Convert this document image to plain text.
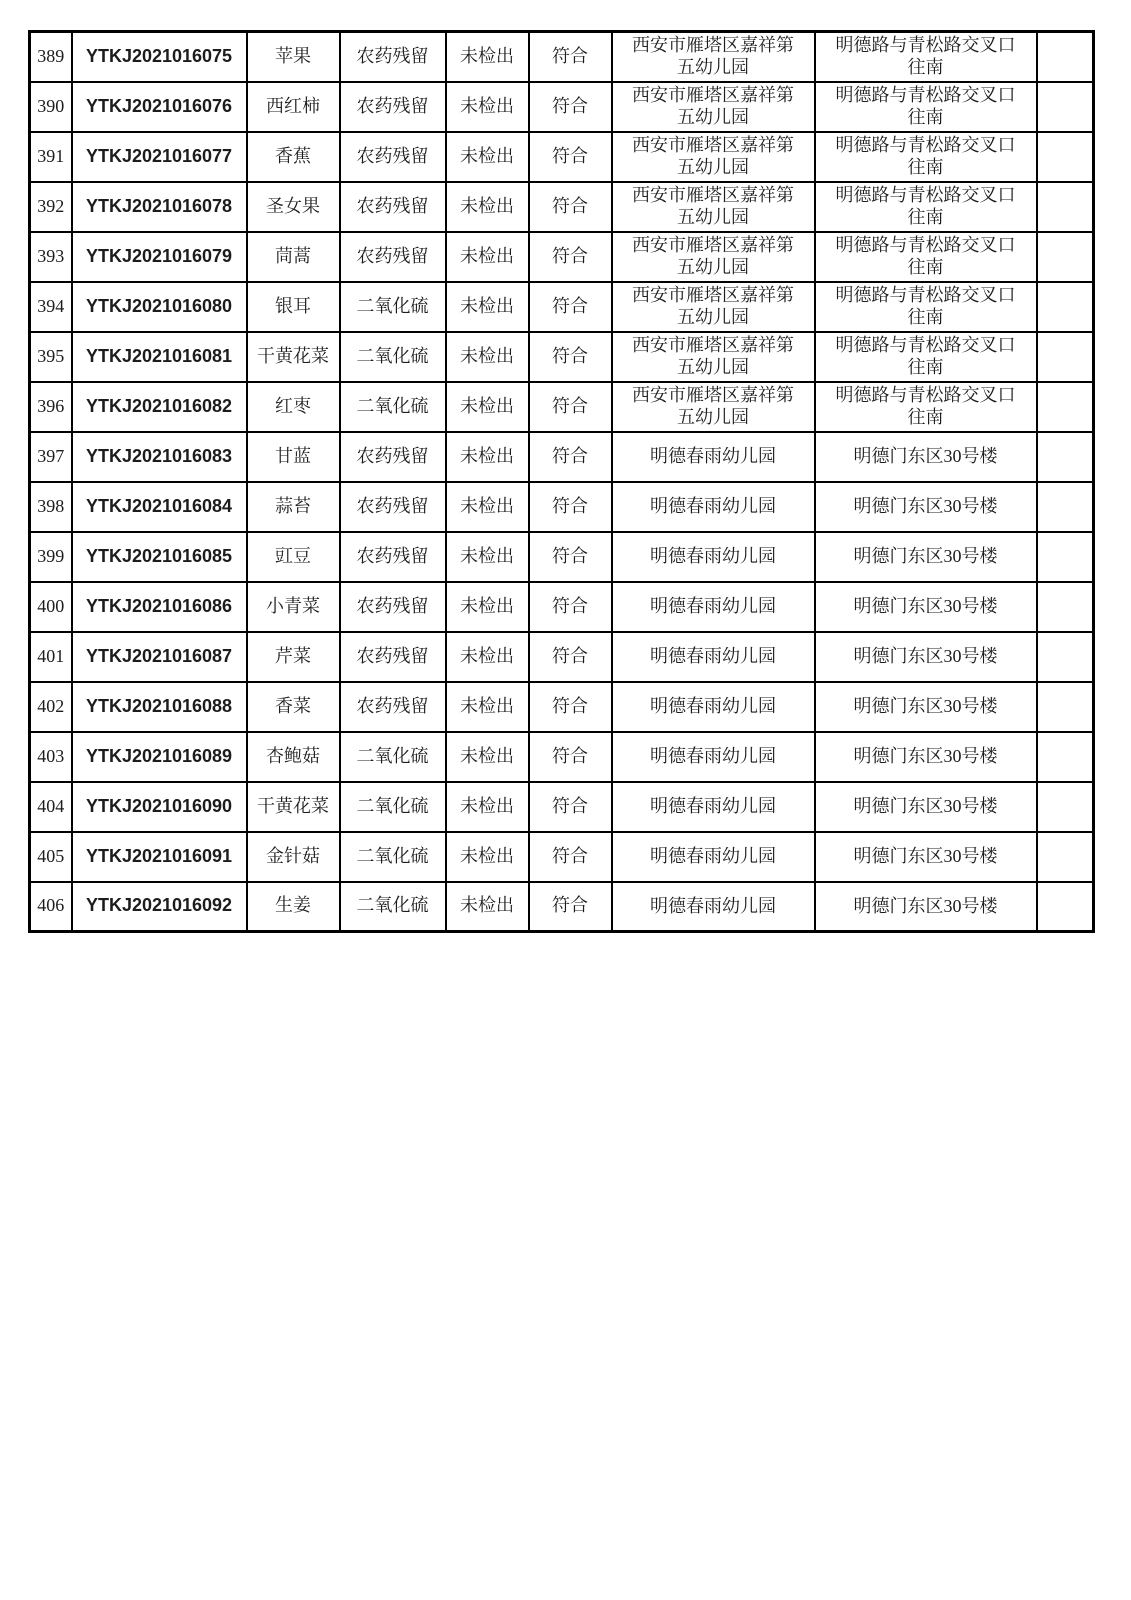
389	YTKJ2021016075	苹果	农药残留	未检出	符合	西安市雁塔区嘉祥第五幼儿园	明德路与青松路交叉口往南	
390	YTKJ2021016076	西红柿	农药残留	未检出	符合	西安市雁塔区嘉祥第五幼儿园	明德路与青松路交叉口往南	
391	YTKJ2021016077	香蕉	农药残留	未检出	符合	西安市雁塔区嘉祥第五幼儿园	明德路与青松路交叉口往南	
392	YTKJ2021016078	圣女果	农药残留	未检出	符合	西安市雁塔区嘉祥第五幼儿园	明德路与青松路交叉口往南	
393	YTKJ2021016079	茼蒿	农药残留	未检出	符合	西安市雁塔区嘉祥第五幼儿园	明德路与青松路交叉口往南	
394	YTKJ2021016080	银耳	二氧化硫	未检出	符合	西安市雁塔区嘉祥第五幼儿园	明德路与青松路交叉口往南	
395	YTKJ2021016081	干黄花菜	二氧化硫	未检出	符合	西安市雁塔区嘉祥第五幼儿园	明德路与青松路交叉口往南	
396	YTKJ2021016082	红枣	二氧化硫	未检出	符合	西安市雁塔区嘉祥第五幼儿园	明德路与青松路交叉口往南	
397	YTKJ2021016083	甘蓝	农药残留	未检出	符合	明德春雨幼儿园	明德门东区30号楼	
398	YTKJ2021016084	蒜苔	农药残留	未检出	符合	明德春雨幼儿园	明德门东区30号楼	
399	YTKJ2021016085	豇豆	农药残留	未检出	符合	明德春雨幼儿园	明德门东区30号楼	
400	YTKJ2021016086	小青菜	农药残留	未检出	符合	明德春雨幼儿园	明德门东区30号楼	
401	YTKJ2021016087	芹菜	农药残留	未检出	符合	明德春雨幼儿园	明德门东区30号楼	
402	YTKJ2021016088	香菜	农药残留	未检出	符合	明德春雨幼儿园	明德门东区30号楼	
403	YTKJ2021016089	杏鲍菇	二氧化硫	未检出	符合	明德春雨幼儿园	明德门东区30号楼	
404	YTKJ2021016090	干黄花菜	二氧化硫	未检出	符合	明德春雨幼儿园	明德门东区30号楼	
405	YTKJ2021016091	金针菇	二氧化硫	未检出	符合	明德春雨幼儿园	明德门东区30号楼	
406	YTKJ2021016092	生姜	二氧化硫	未检出	符合	明德春雨幼儿园	明德门东区30号楼	
